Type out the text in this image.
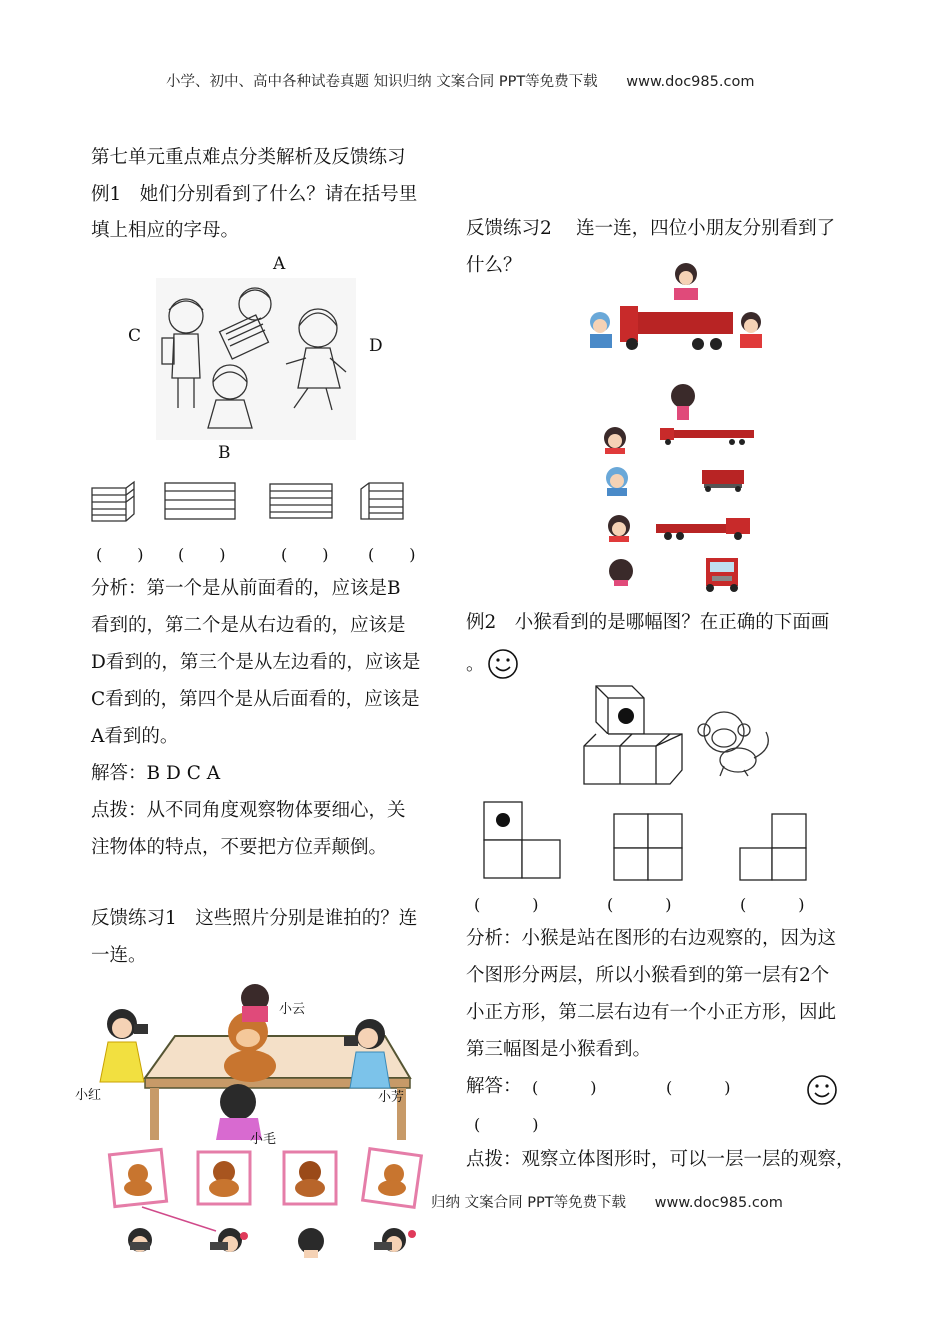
小学、初中、高中各种试卷真题 知识归纳 文案合同 PPT等免费下载 www.doc985.com
第七单元重点难点分类解析及反馈练习
例1　她们分别看到了什么？请在括号里
填上相应的字母。
A
C	D
B
(　　) (　　)	(　　) (　　)
分析：第一个是从前面看的，应该是B
看到的，第二个是从右边看的，应该是
D看到的，第三个是从左边看的，应该是
C看到的，第四个是从后面看的，应该是
A看到的。
解答：B D C A
点拨：从不同角度观察物体要细心，关
注物体的特点，不要把方位弄颠倒。
反馈练习1　这些照片分别是谁拍的？连
一连。
小云
小红	小芳
小毛
反馈练习2　 连一连，四位小朋友分别看到了
什么？
例2　小猴看到的是哪幅图？在正确的下面画
。
(　　　)	(　　　)	(　　　)
分析：小猴是站在图形的右边观察的，因为这
个图形分两层，所以小猴看到的第一层有2个
小正方形，第二层右边有一个小正方形，因此
第三幅图是小猴看到。
解答： (　　　)	(　　　)
(　　　)
点拨：观察立体图形时，可以一层一层的观察，
归纳 文案合同 PPT等免费下载 www.doc985.com
